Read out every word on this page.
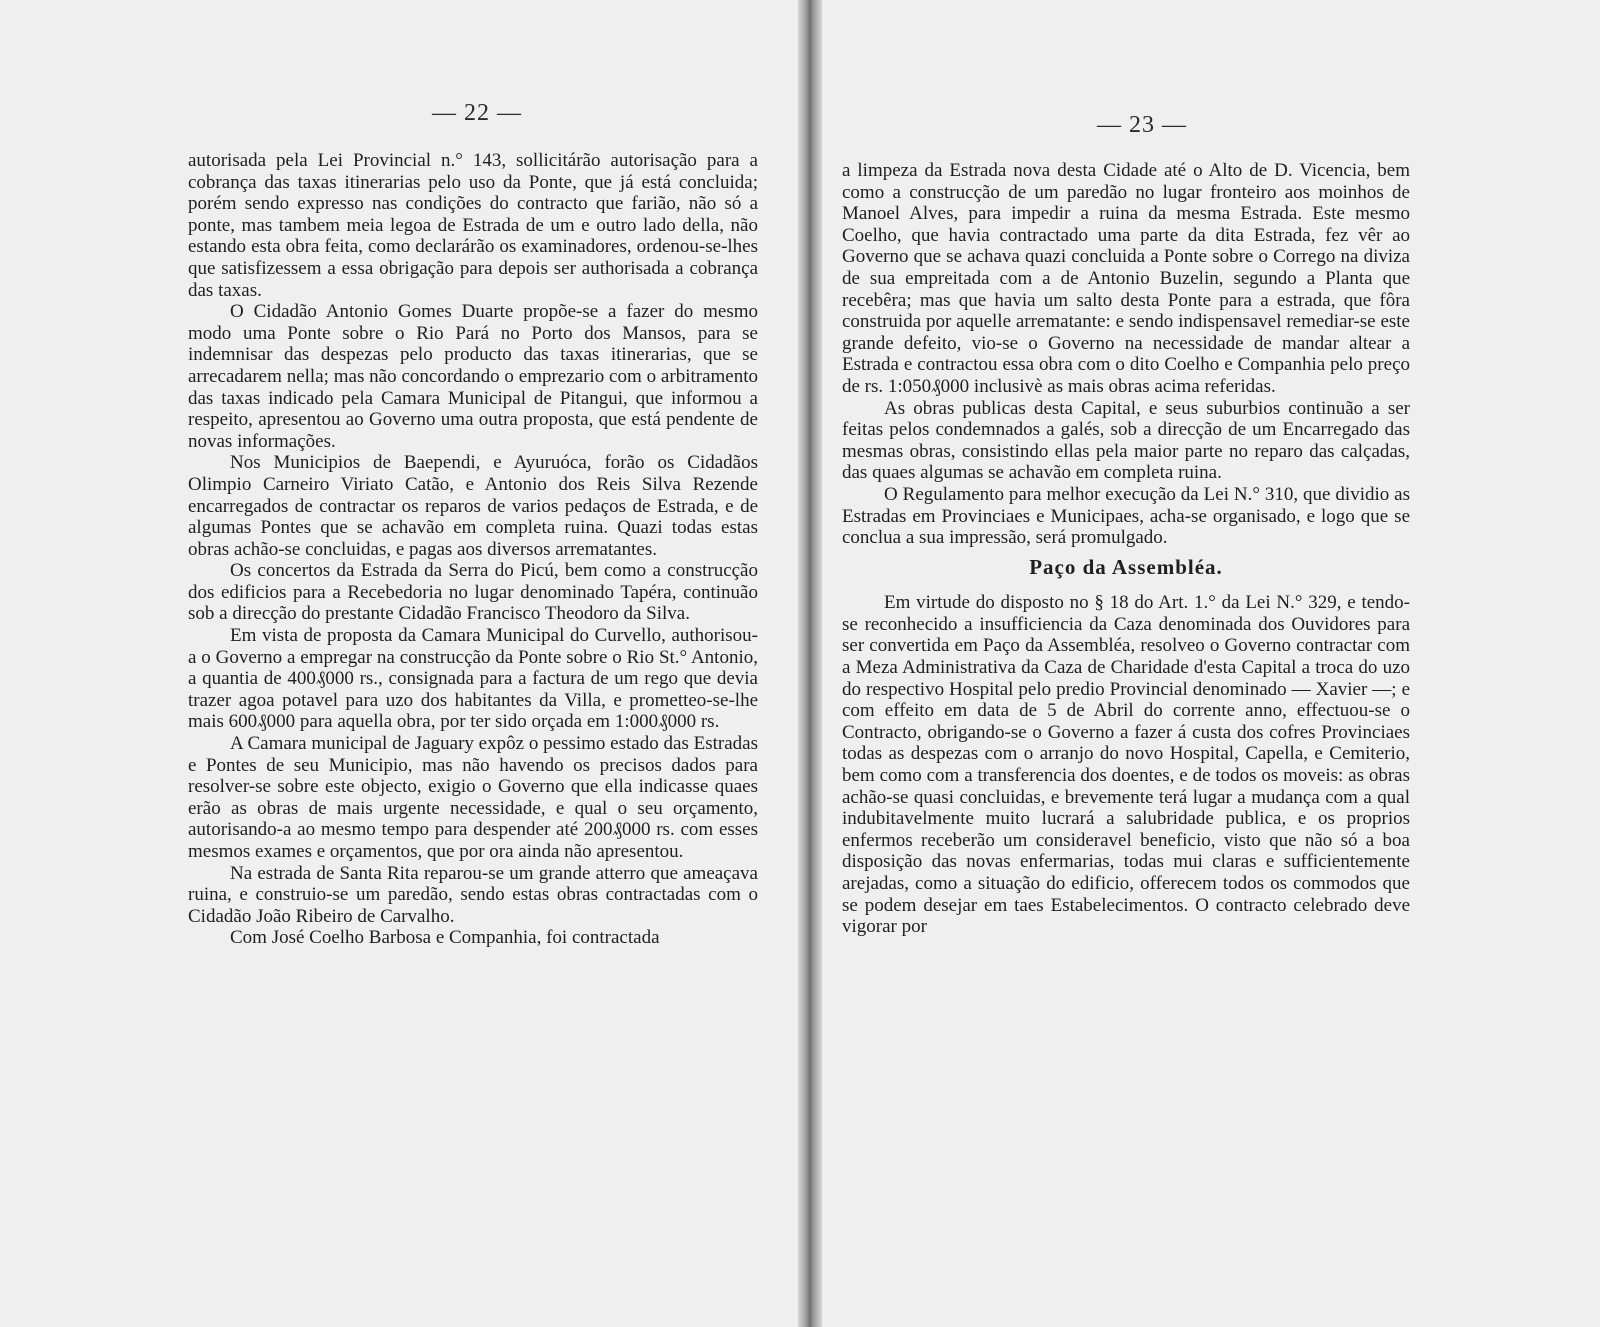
— 22 —

autorisada pela Lei Provincial n.° 143, sollicitárão autorisação para a cobrança das taxas itinerarias pelo uso da Ponte, que já está concluida; porém sendo expresso nas condições do contracto que farião, não só a ponte, mas tambem meia legoa de Estrada de um e outro lado della, não estando esta obra feita, como declarárão os examinadores, ordenou-se-lhes que satisfizessem a essa obrigação para depois ser authorisada a cobrança das taxas.

O Cidadão Antonio Gomes Duarte propõe-se a fazer do mesmo modo uma Ponte sobre o Rio Pará no Porto dos Mansos, para se indemnisar das despezas pelo producto das taxas itinerarias, que se arrecadarem nella; mas não concordando o emprezario com o arbitramento das taxas indicado pela Camara Municipal de Pitangui, que informou a respeito, apresentou ao Governo uma outra proposta, que está pendente de novas informações.

Nos Municipios de Baependi, e Ayuruóca, forão os Cidadãos Olimpio Carneiro Viriato Catão, e Antonio dos Reis Silva Rezende encarregados de contractar os reparos de varios pedaços de Estrada, e de algumas Pontes que se achavão em completa ruina. Quazi todas estas obras achão-se concluidas, e pagas aos diversos arrematantes.

Os concertos da Estrada da Serra do Picú, bem como a construcção dos edificios para a Recebedoria no lugar denominado Tapéra, continuão sob a direcção do prestante Cidadão Francisco Theodoro da Silva.

Em vista de proposta da Camara Municipal do Curvello, authorisou-a o Governo a empregar na construcção da Ponte sobre o Rio St.° Antonio, a quantia de 400₰000 rs., consignada para a factura de um rego que devia trazer agoa potavel para uzo dos habitantes da Villa, e prometteo-se-lhe mais 600₰000 para aquella obra, por ter sido orçada em 1:000₰000 rs.

A Camara municipal de Jaguary expôz o pessimo estado das Estradas e Pontes de seu Municipio, mas não havendo os precisos dados para resolver-se sobre este objecto, exigio o Governo que ella indicasse quaes erão as obras de mais urgente necessidade, e qual o seu orçamento, autorisando-a ao mesmo tempo para despender até 200₰000 rs. com esses mesmos exames e orçamentos, que por ora ainda não apresentou.

Na estrada de Santa Rita reparou-se um grande atterro que ameaçava ruina, e construio-se um paredão, sendo estas obras contractadas com o Cidadão João Ribeiro de Carvalho.

Com José Coelho Barbosa e Companhia, foi contractada

— 23 —

a limpeza da Estrada nova desta Cidade até o Alto de D. Vicencia, bem como a construcção de um paredão no lugar fronteiro aos moinhos de Manoel Alves, para impedir a ruina da mesma Estrada. Este mesmo Coelho, que havia contractado uma parte da dita Estrada, fez vêr ao Governo que se achava quazi concluida a Ponte sobre o Corrego na diviza de sua empreitada com a de Antonio Buzelin, segundo a Planta que recebêra; mas que havia um salto desta Ponte para a estrada, que fôra construida por aquelle arrematante: e sendo indispensavel remediar-se este grande defeito, vio-se o Governo na necessidade de mandar altear a Estrada e contractou essa obra com o dito Coelho e Companhia pelo preço de rs. 1:050₰000 inclusivè as mais obras acima referidas.

As obras publicas desta Capital, e seus suburbios continuão a ser feitas pelos condemnados a galés, sob a direcção de um Encarregado das mesmas obras, consistindo ellas pela maior parte no reparo das calçadas, das quaes algumas se achavão em completa ruina.

O Regulamento para melhor execução da Lei N.° 310, que dividio as Estradas em Provinciaes e Municipaes, acha-se organisado, e logo que se conclua a sua impressão, será promulgado.

Paço da Assembléa.

Em virtude do disposto no § 18 do Art. 1.° da Lei N.° 329, e tendo-se reconhecido a insufficiencia da Caza denominada dos Ouvidores para ser convertida em Paço da Assembléa, resolveo o Governo contractar com a Meza Administrativa da Caza de Charidade d'esta Capital a troca do uzo do respectivo Hospital pelo predio Provincial denominado — Xavier —; e com effeito em data de 5 de Abril do corrente anno, effectuou-se o Contracto, obrigando-se o Governo a fazer á custa dos cofres Provinciaes todas as despezas com o arranjo do novo Hospital, Capella, e Cemiterio, bem como com a transferencia dos doentes, e de todos os moveis: as obras achão-se quasi concluidas, e brevemente terá lugar a mudança com a qual indubitavelmente muito lucrará a salubridade publica, e os proprios enfermos receberão um consideravel beneficio, visto que não só a boa disposição das novas enfermarias, todas mui claras e sufficientemente arejadas, como a situação do edificio, offerecem todos os commodos que se podem desejar em taes Estabelecimentos. O contracto celebrado deve vigorar por
